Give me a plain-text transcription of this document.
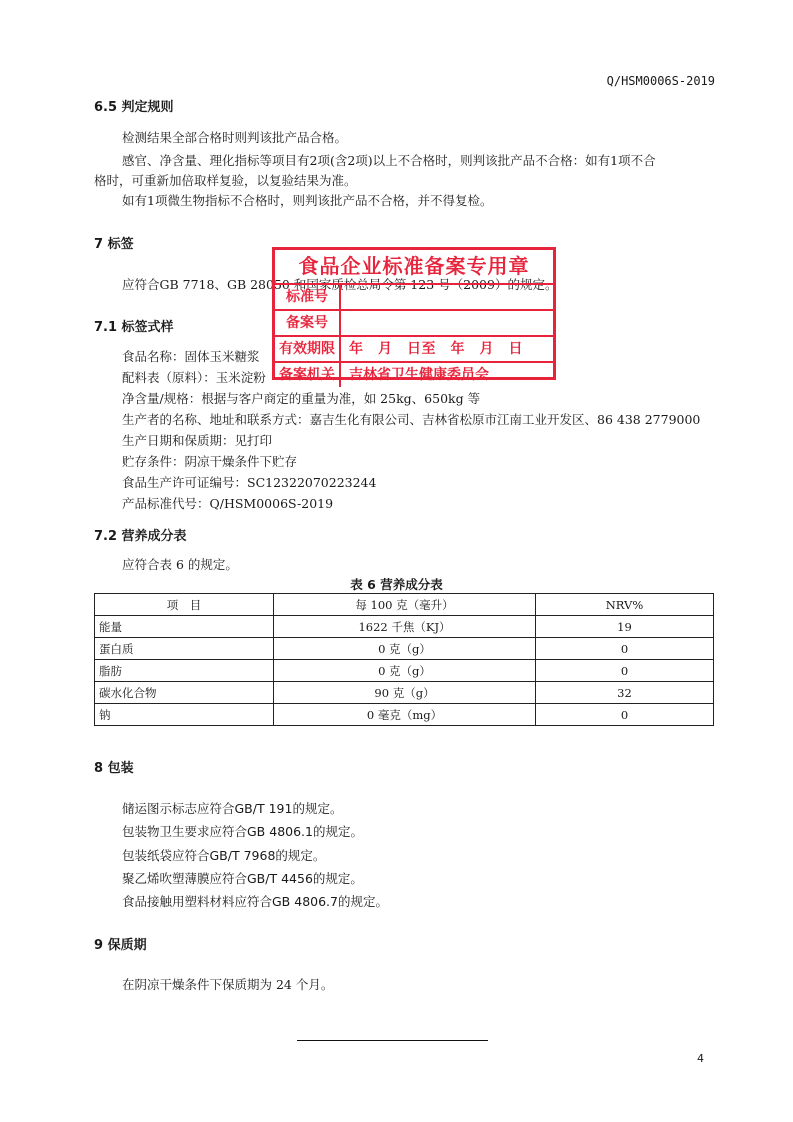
Q/HSM0006S-2019
6.5 判定规则
检测结果全部合格时则判该批产品合格。
感官、净含量、理化指标等项目有2项(含2项)以上不合格时，则判该批产品不合格：如有1项不合
格时，可重新加倍取样复验，以复验结果为准。
如有1项微生物指标不合格时，则判该批产品不合格，并不得复检。
7 标签
应符合GB 7718、GB 28050 和国家质检总局令第 123 号（2009）的规定。
7.1 标签式样
食品名称：固体玉米糖浆
配料表（原料）：玉米淀粉
净含量/规格：根据与客户商定的重量为准，如 25kg、650kg 等
生产者的名称、地址和联系方式：嘉吉生化有限公司、吉林省松原市江南工业开发区、86 438 2779000
生产日期和保质期：见打印
贮存条件：阴凉干燥条件下贮存
食品生产许可证编号：SC12322070223244
产品标准代号：Q/HSM0006S-2019
7.2 营养成分表
应符合表 6 的规定。
表 6 营养成分表
项　目	每 100 克（毫升）	NRV%
能量	1622 千焦（KJ）	19
蛋白质	0 克（g）	0
脂肪	0 克（g）	0
碳水化合物	90 克（g）	32
钠	0 毫克（mg）	0
8 包装
储运图示标志应符合GB/T 191的规定。
包装物卫生要求应符合GB 4806.1的规定。
包装纸袋应符合GB/T 7968的规定。
聚乙烯吹塑薄膜应符合GB/T 4456的规定。
食品接触用塑料材料应符合GB 4806.7的规定。
9 保质期
在阴凉干燥条件下保质期为 24 个月。
4
食品企业标准备案专用章
标准号
备案号
有效期限	年　月　日至　年　月　日
备案机关	吉林省卫生健康委员会
